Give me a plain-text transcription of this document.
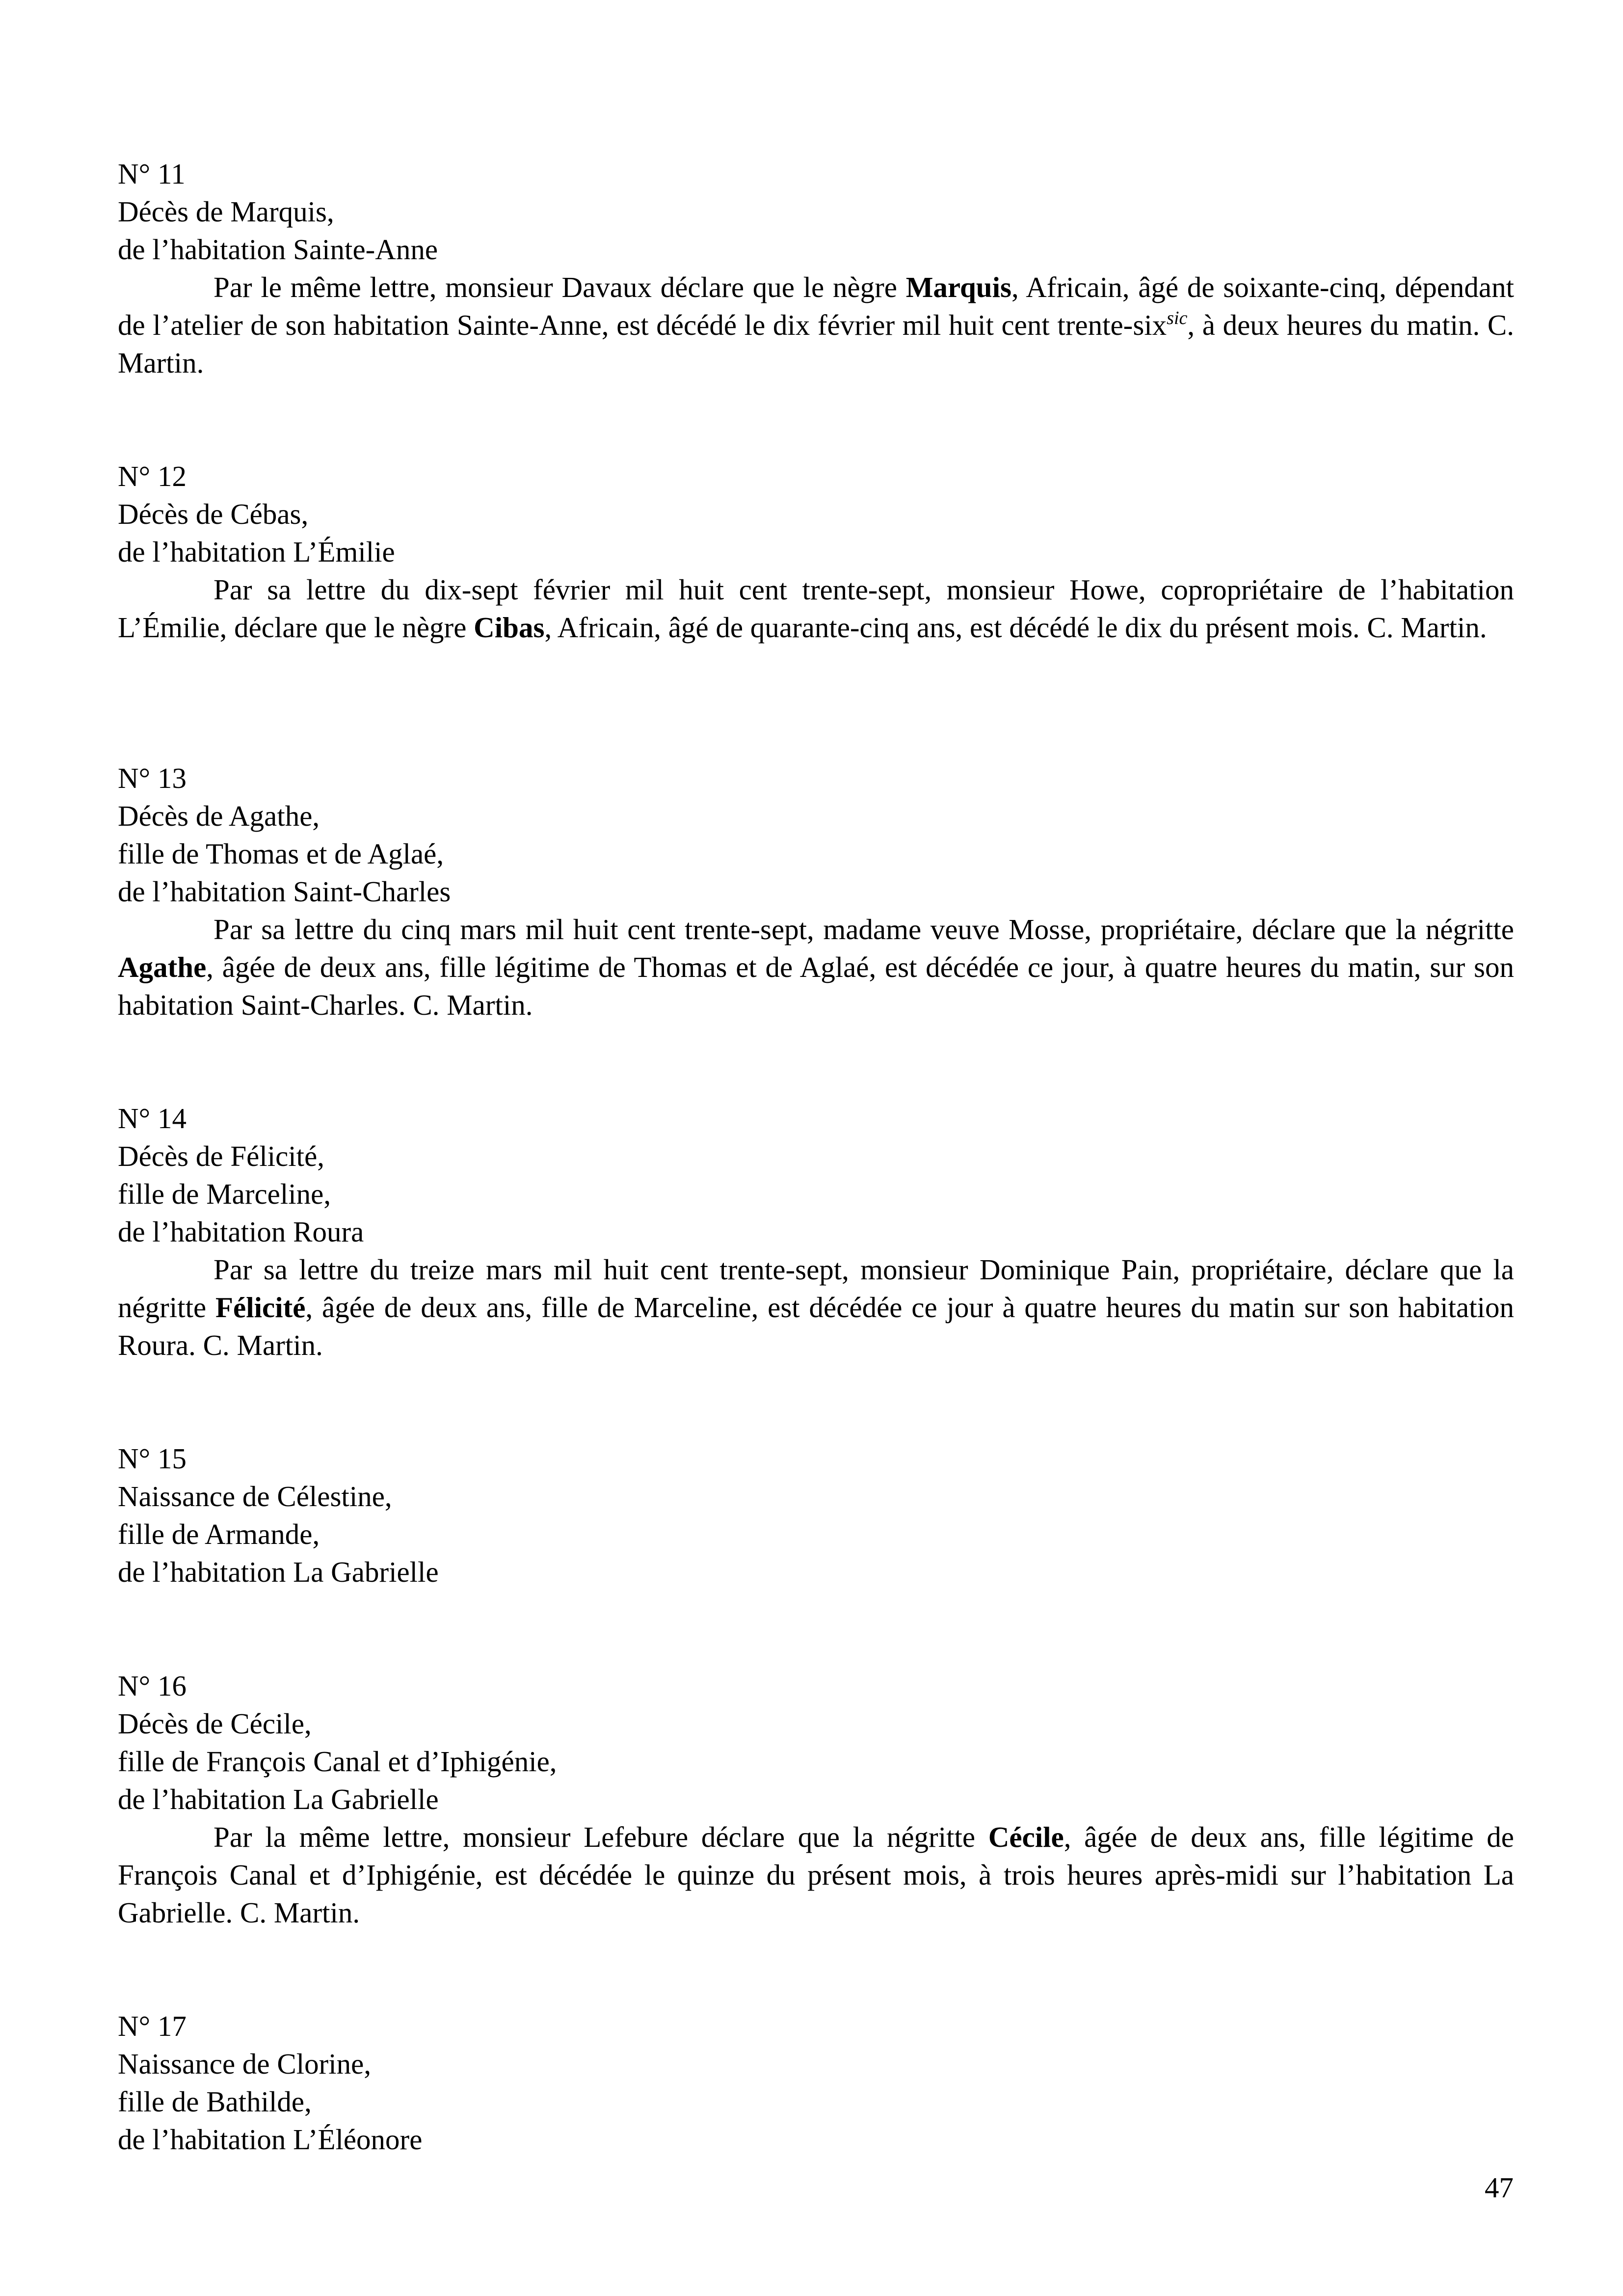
N° 11

Décès de Marquis,

de l’habitation Sainte-Anne

Par le même lettre, monsieur Davaux déclare que le nègre Marquis, Africain, âgé de soixante-cinq, dépendant de l’atelier de son habitation Sainte-Anne, est décédé le dix février mil huit cent trente-six$^{sic}$, à deux heures du matin. C. Martin.

N° 12

Décès de Cébas,

de l’habitation L’Émilie

Par sa lettre du dix-sept février mil huit cent trente-sept, monsieur Howe, copropriétaire de l’habitation L’Émilie, déclare que le nègre Cibas, Africain, âgé de quarante-cinq ans, est décédé le dix du présent mois. C. Martin.

N° 13

Décès de Agathe,

fille de Thomas et de Aglaé,

de l’habitation Saint-Charles

Par sa lettre du cinq mars mil huit cent trente-sept, madame veuve Mosse, propriétaire, déclare que la négritte Agathe, âgée de deux ans, fille légitime de Thomas et de Aglaé, est décédée ce jour, à quatre heures du matin, sur son habitation Saint-Charles. C. Martin.

N° 14

Décès de Félicité,

fille de Marceline,

de l’habitation Roura

Par sa lettre du treize mars mil huit cent trente-sept, monsieur Dominique Pain, propriétaire, déclare que la négritte Félicité, âgée de deux ans, fille de Marceline, est décédée ce jour à quatre heures du matin sur son habitation Roura. C. Martin.

N° 15

Naissance de Célestine,

fille de Armande,

de l’habitation La Gabrielle

N° 16

Décès de Cécile,

fille de François Canal et d’Iphigénie,

de l’habitation La Gabrielle

Par la même lettre, monsieur Lefebure déclare que la négritte Cécile, âgée de deux ans, fille légitime de François Canal et d’Iphigénie, est décédée le quinze du présent mois, à trois heures après-midi sur l’habitation La Gabrielle. C. Martin.

N° 17

Naissance de Clorine,

fille de Bathilde,

de l’habitation L’Éléonore

47
